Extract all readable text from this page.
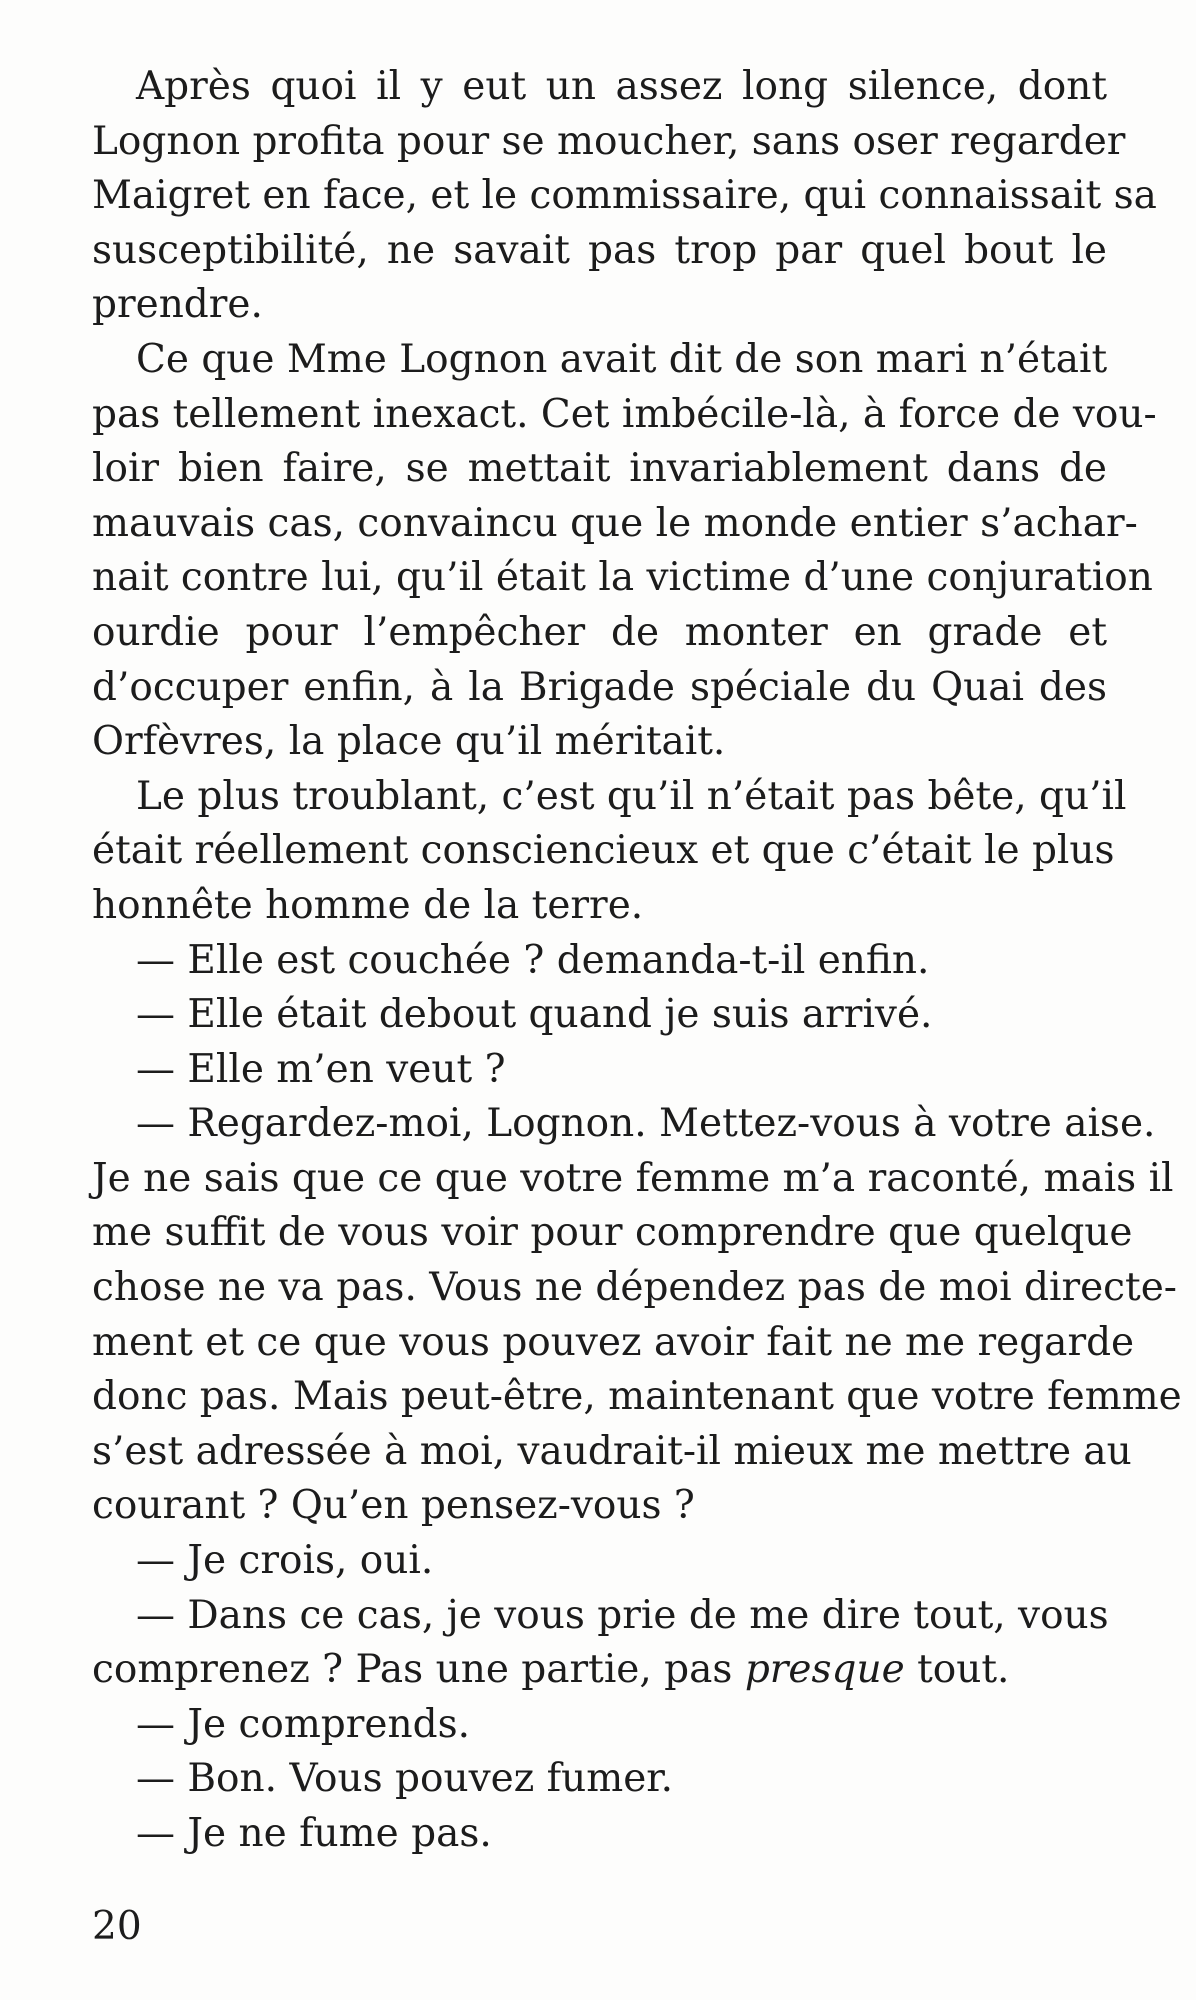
Après quoi il y eut un assez long silence, dont
Lognon profita pour se moucher, sans oser regarder
Maigret en face, et le commissaire, qui connaissait sa
susceptibilité, ne savait pas trop par quel bout le
prendre.
Ce que Mme Lognon avait dit de son mari n’était
pas tellement inexact. Cet imbécile-là, à force de vou-
loir bien faire, se mettait invariablement dans de
mauvais cas, convaincu que le monde entier s’achar-
nait contre lui, qu’il était la victime d’une conjuration
ourdie pour l’empêcher de monter en grade et
d’occuper enfin, à la Brigade spéciale du Quai des
Orfèvres, la place qu’il méritait.
Le plus troublant, c’est qu’il n’était pas bête, qu’il
était réellement consciencieux et que c’était le plus
honnête homme de la terre.
— Elle est couchée ? demanda-t-il enfin.
— Elle était debout quand je suis arrivé.
— Elle m’en veut ?
— Regardez-moi, Lognon. Mettez-vous à votre aise.
Je ne sais que ce que votre femme m’a raconté, mais il
me suffit de vous voir pour comprendre que quelque
chose ne va pas. Vous ne dépendez pas de moi directe-
ment et ce que vous pouvez avoir fait ne me regarde
donc pas. Mais peut-être, maintenant que votre femme
s’est adressée à moi, vaudrait-il mieux me mettre au
courant ? Qu’en pensez-vous ?
— Je crois, oui.
— Dans ce cas, je vous prie de me dire tout, vous
comprenez ? Pas une partie, pas presque tout.
— Je comprends.
— Bon. Vous pouvez fumer.
— Je ne fume pas.
20
